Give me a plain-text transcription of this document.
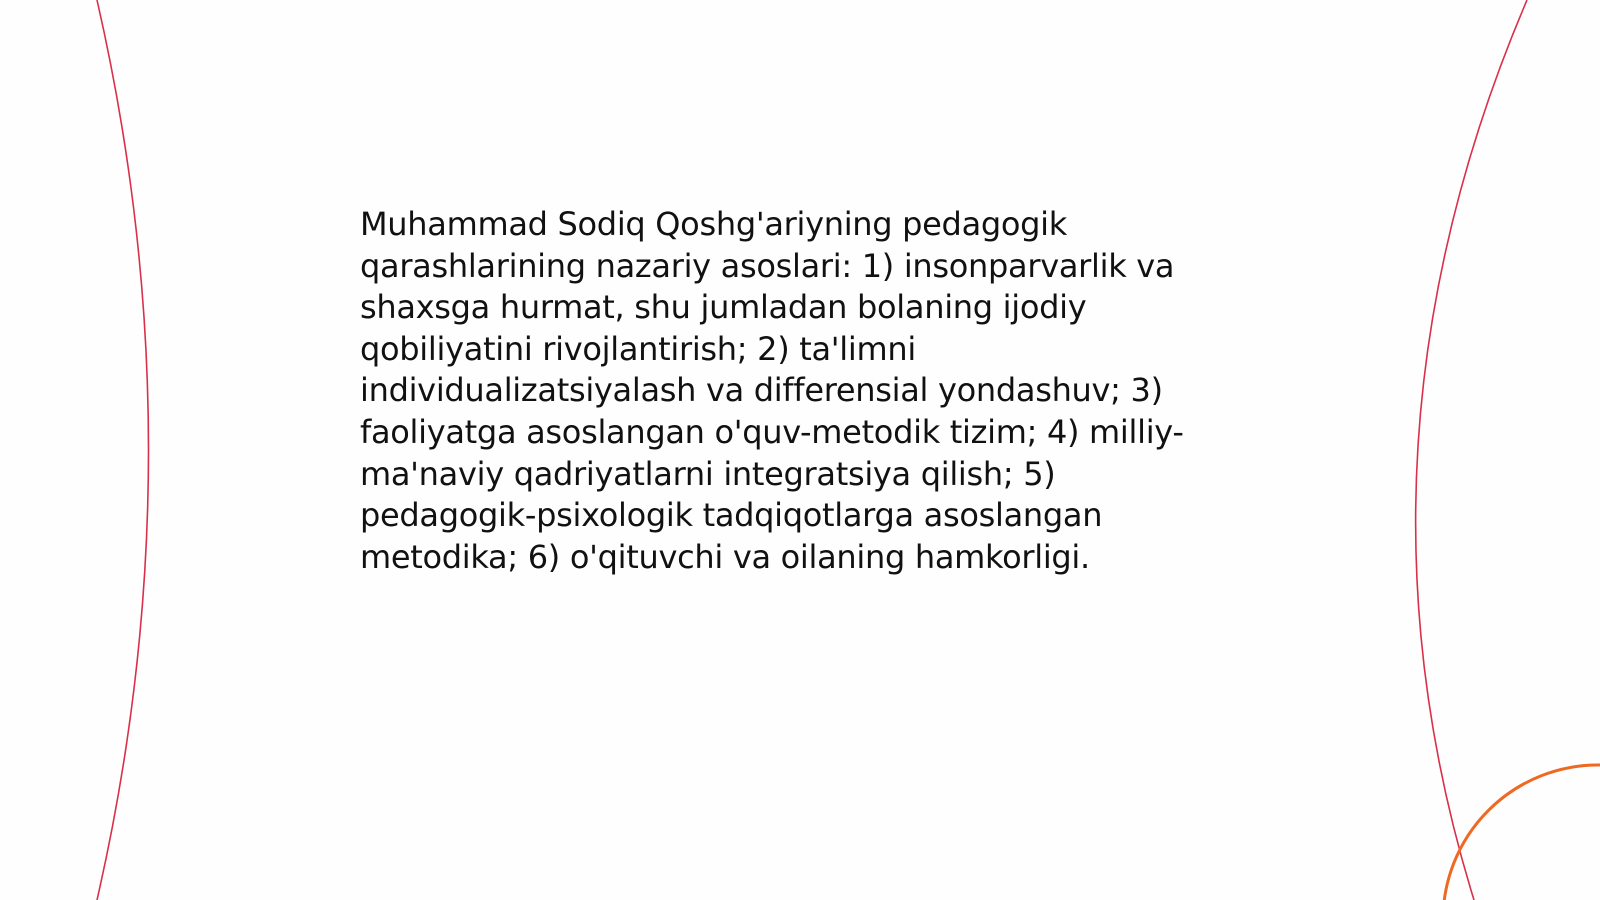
Muhammad Sodiq Qoshg'ariyning pedagogik
qarashlarining nazariy asoslari: 1) insonparvarlik va
shaxsga hurmat, shu jumladan bolaning ijodiy
qobiliyatini rivojlantirish; 2) ta'limni
individualizatsiyalash va differensial yondashuv; 3)
faoliyatga asoslangan o'quv-metodik tizim; 4) milliy-
ma'naviy qadriyatlarni integratsiya qilish; 5)
pedagogik-psixologik tadqiqotlarga asoslangan
metodika; 6) o'qituvchi va oilaning hamkorligi.
